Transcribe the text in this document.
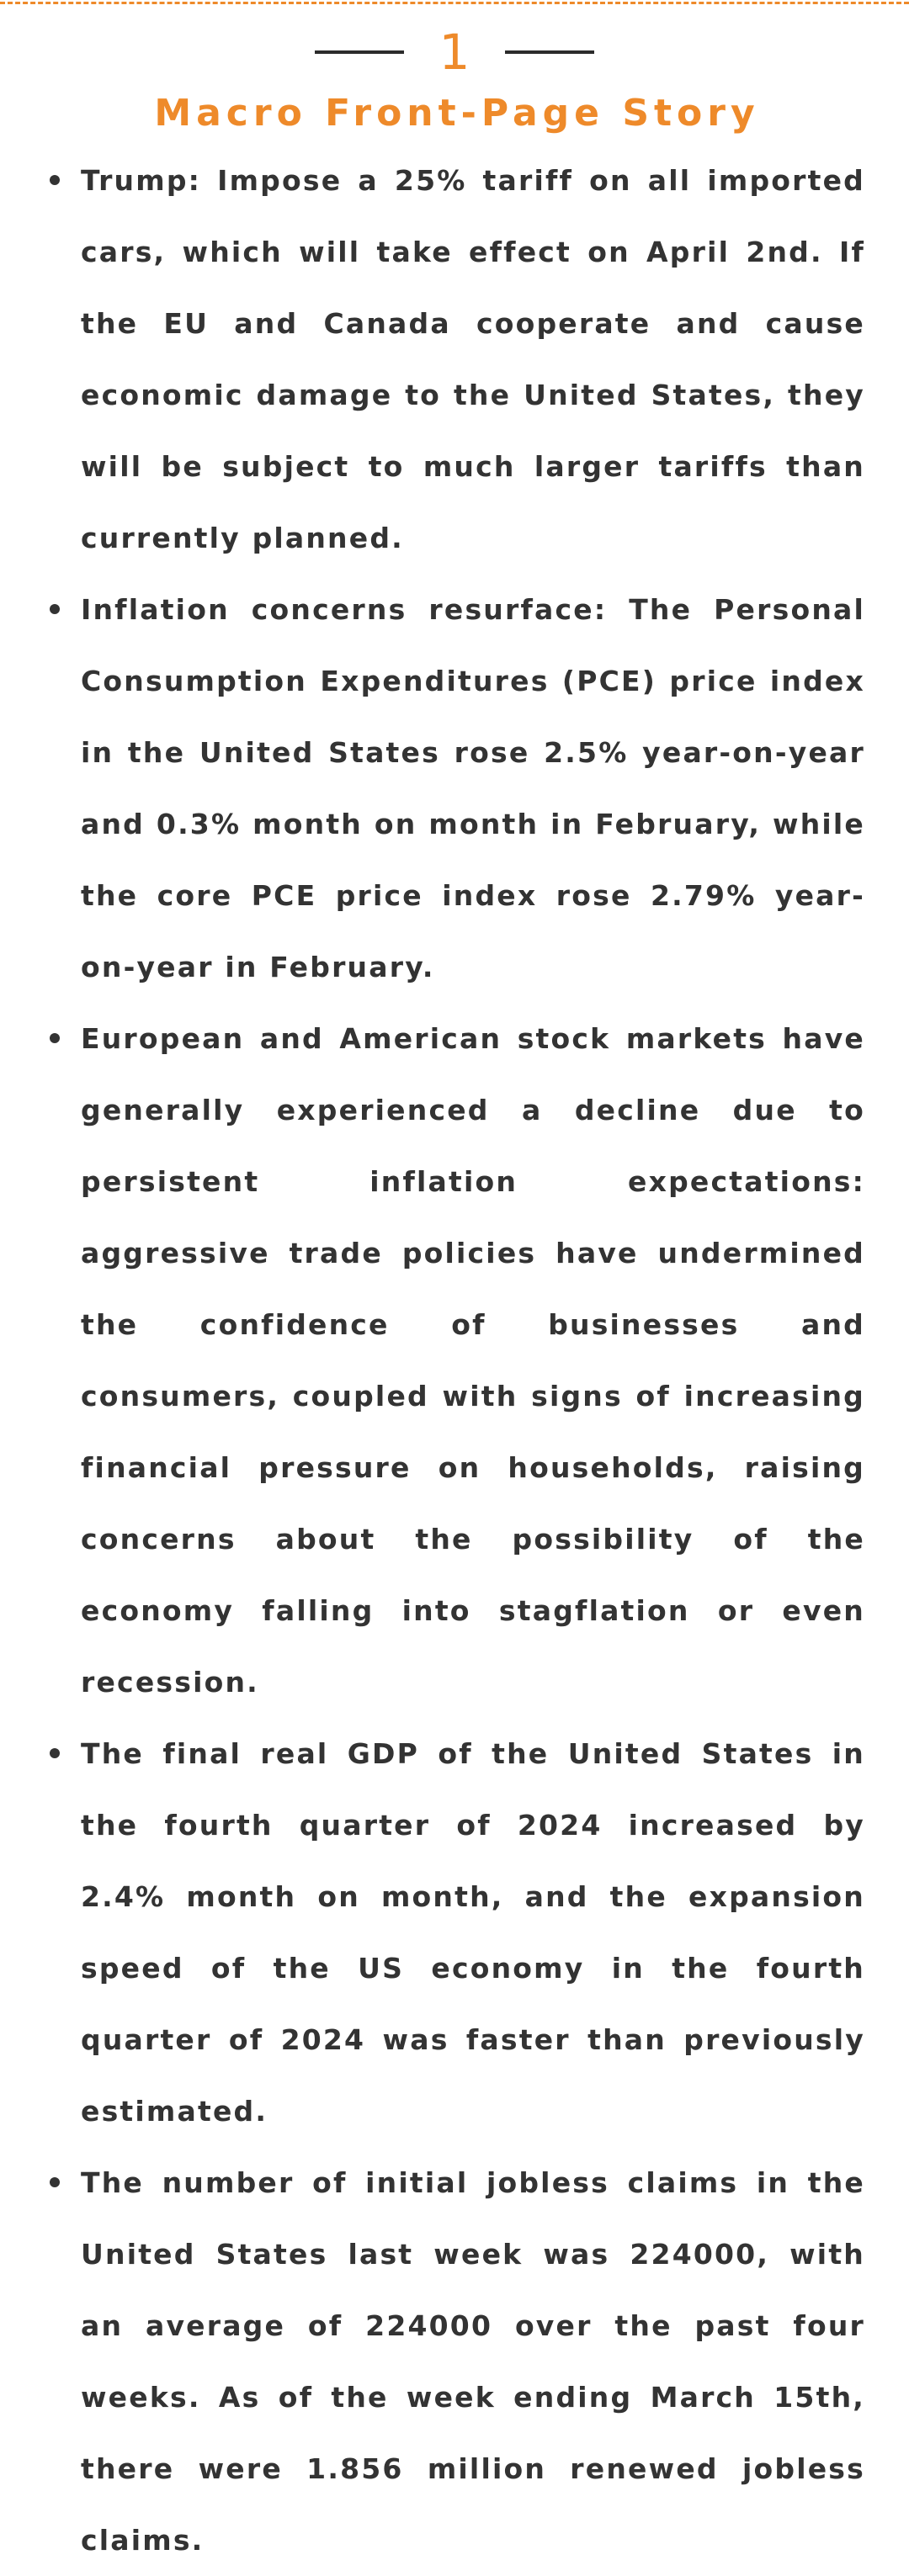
1
Macro Front-Page Story
Trump: Impose a 25% tariff on all imported cars, which will take effect on April 2nd. If the EU and Canada cooperate and cause economic damage to the United States, they will be subject to much larger tariffs than currently planned.
Inflation concerns resurface: The Personal Consumption Expenditures (PCE) price index in the United States rose 2.5% year-on-year and 0.3% month on month in February, while the core PCE price index rose 2.79% year-on-year in February.
European and American stock markets have generally experienced a decline due to persistent inflation expectations: aggressive trade policies have undermined the confidence of businesses and consumers, coupled with signs of increasing financial pressure on households, raising concerns about the possibility of the economy falling into stagflation or even recession.
The final real GDP of the United States in the fourth quarter of 2024 increased by 2.4% month on month, and the expansion speed of the US economy in the fourth quarter of 2024 was faster than previously estimated.
The number of initial jobless claims in the United States last week was 224000, with an average of 224000 over the past four weeks. As of the week ending March 15th, there were 1.856 million renewed jobless claims.
